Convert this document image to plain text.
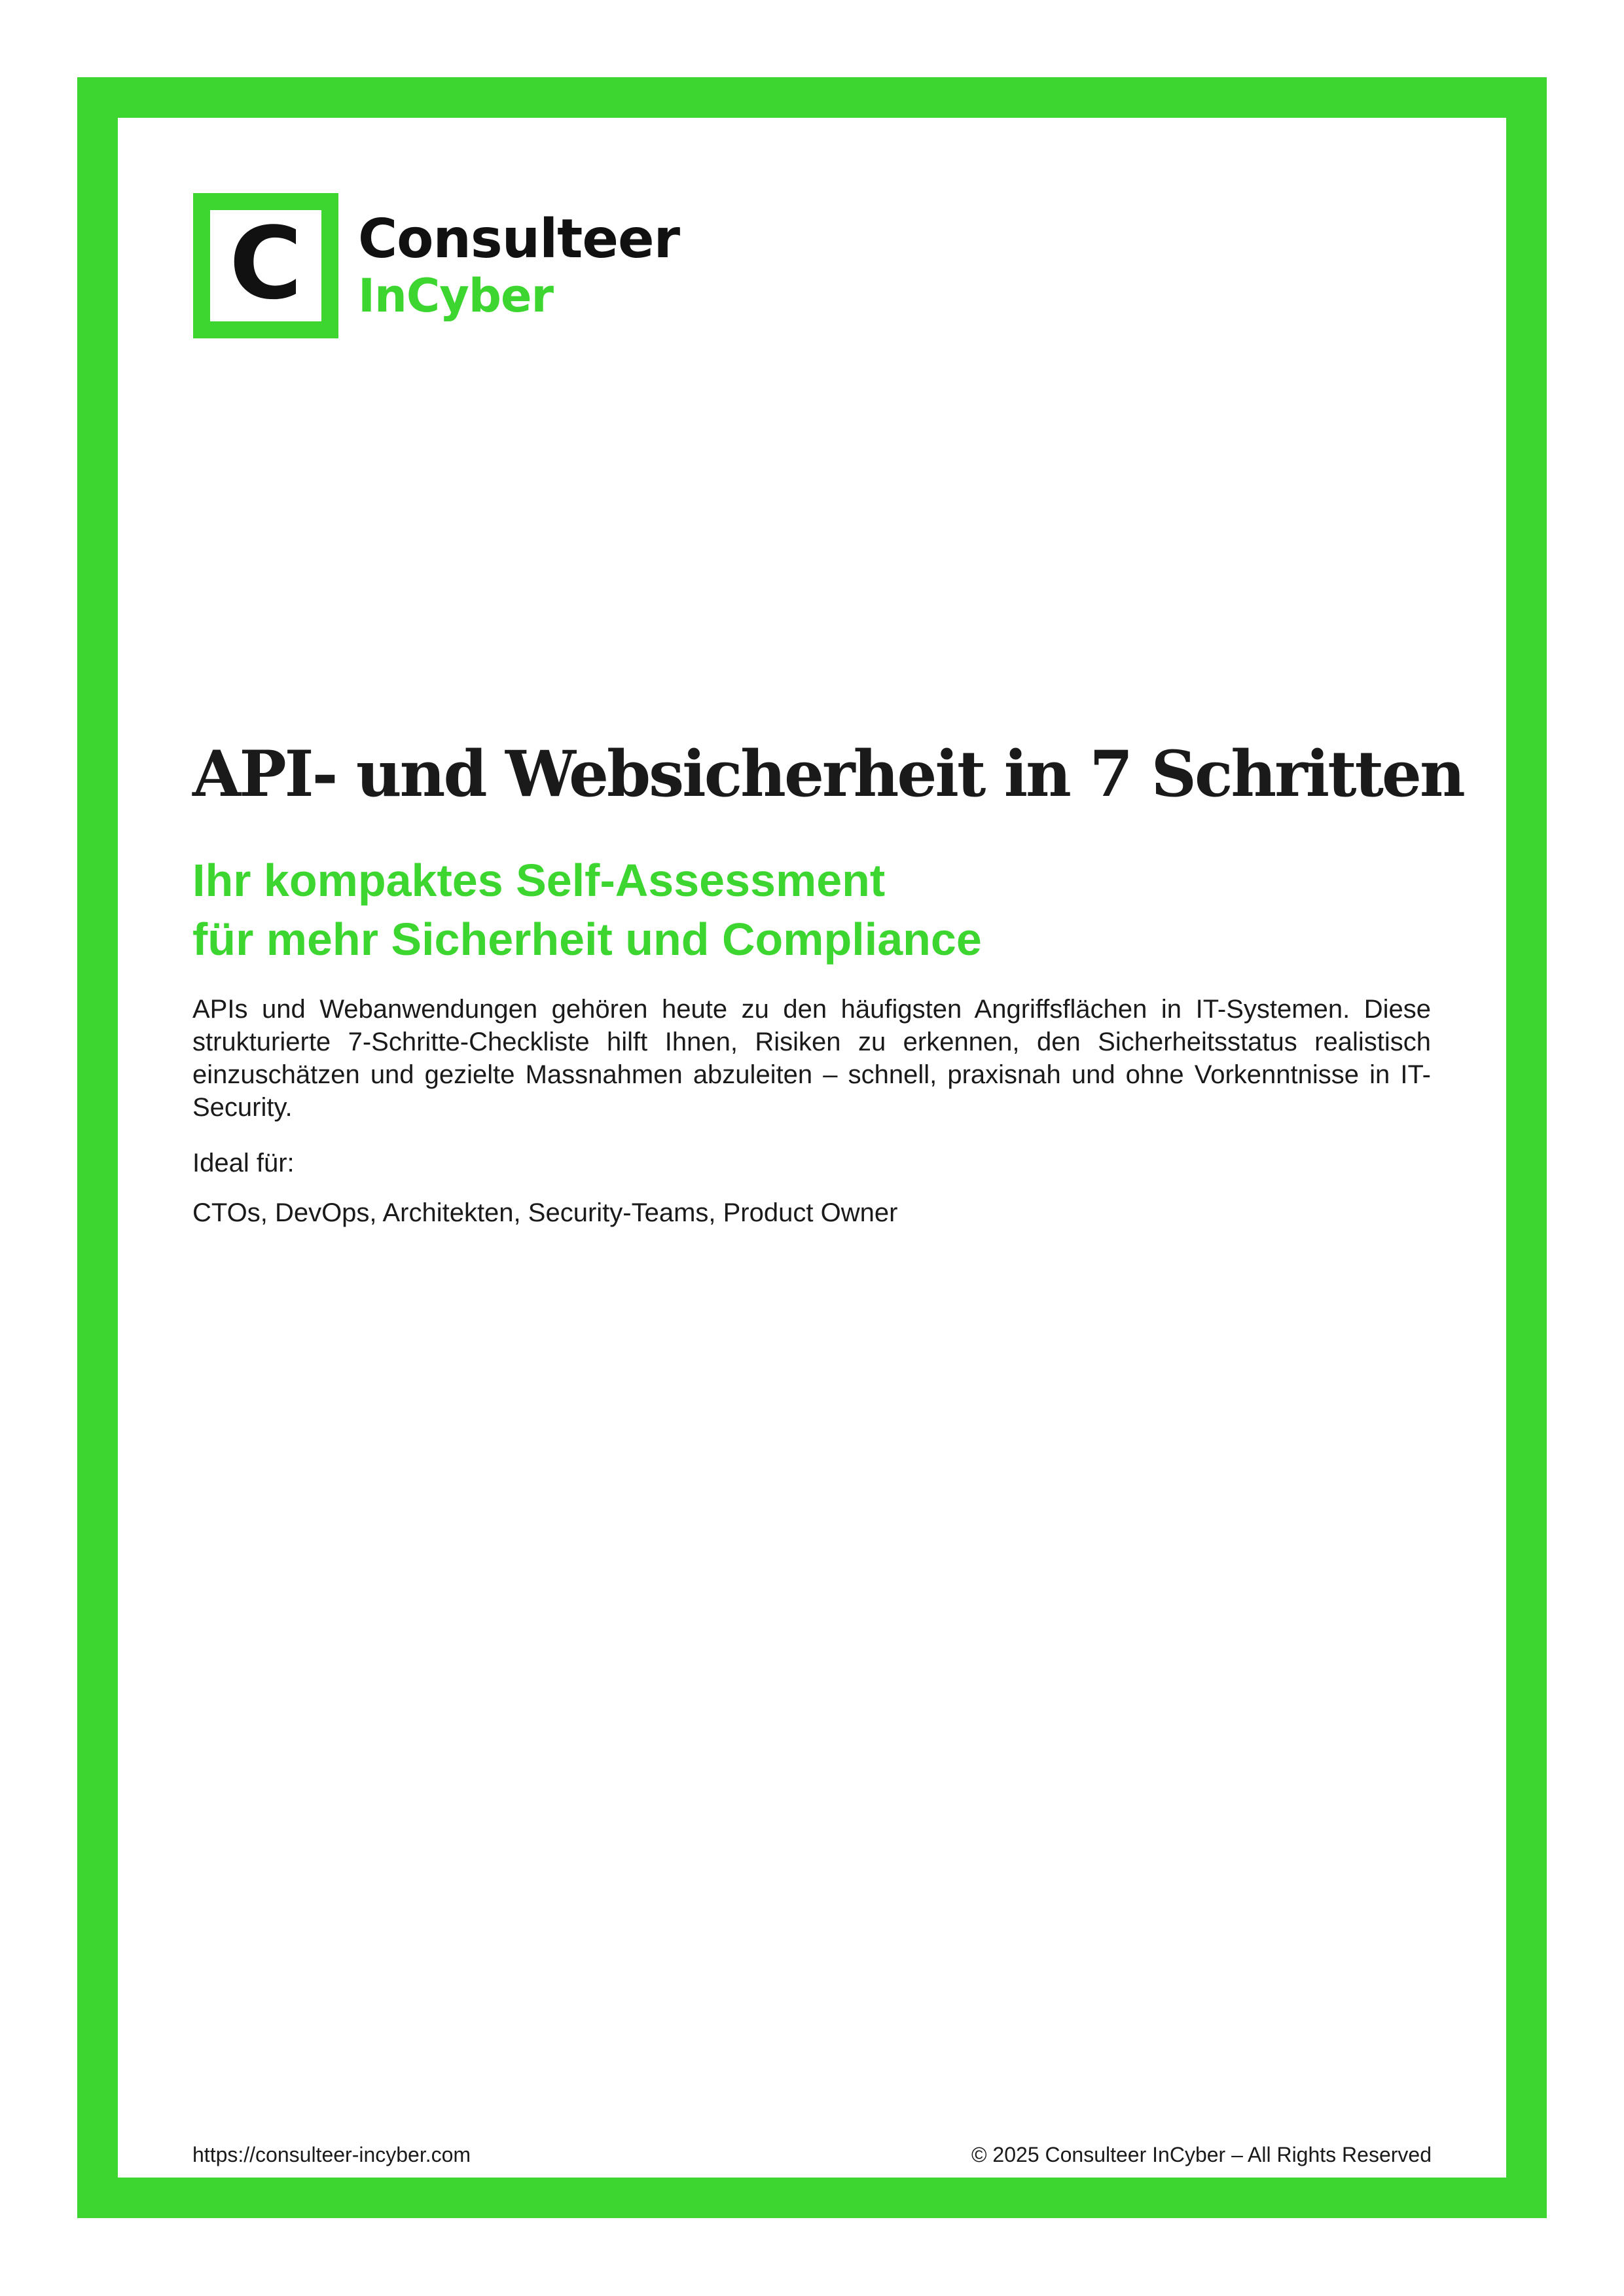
C Consulteer
InCyber
API- und Websicherheit in 7 Schritten
Ihr kompaktes Self-Assessment
für mehr Sicherheit und Compliance

APIs und Webanwendungen gehören heute zu den häufigsten Angriffsflächen in IT-Systemen. Diese strukturierte 7-Schritte-Checkliste hilft Ihnen, Risiken zu erkennen, den Sicherheitsstatus realistisch einzuschätzen und gezielte Massnahmen abzuleiten – schnell, praxisnah und ohne Vorkenntnisse in IT-Security.

Ideal für:

CTOs, DevOps, Architekten, Security-Teams, Product Owner

https://consulteer-incyber.com	© 2025 Consulteer InCyber – All Rights Reserved
